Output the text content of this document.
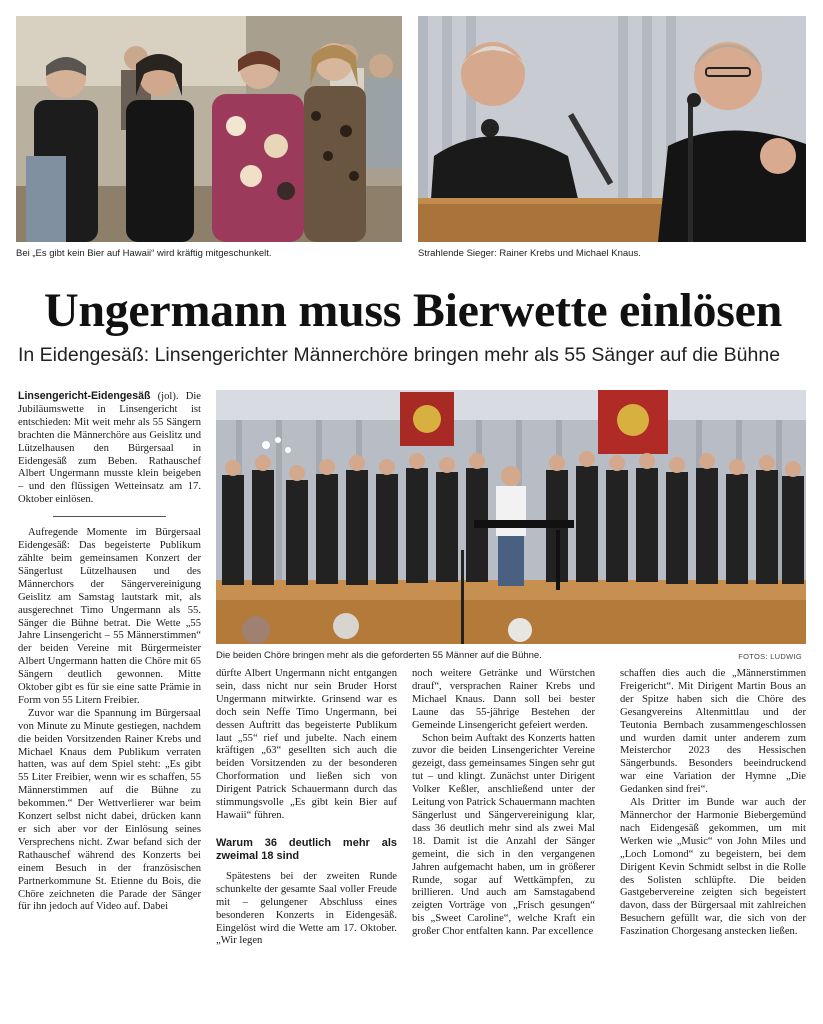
Bei „Es gibt kein Bier auf Hawaii“ wird kräftig mitgeschunkelt.	Strahlende Sieger: Rainer Krebs und Michael Knaus.
Ungermann muss Bierwette einlösen
In Eidengesäß: Linsengerichter Männerchöre bringen mehr als 55 Sänger auf die Bühne
Die beiden Chöre bringen mehr als die geforderten 55 Männer auf die Bühne.	FOTOS: LUDWIG

Linsengericht-Eidengesäß (jol). Die Jubiläumswette in Linsengericht ist entschieden: Mit weit mehr als 55 Sängern brachten die Männerchöre aus Geislitz und Lützelhausen den Bürgersaal in Eidengesäß zum Beben. Rathauschef Albert Ungermann musste klein beigeben – und den flüssigen Wetteinsatz am 17. Oktober einlösen.

Aufregende Momente im Bürgersaal Eidengesäß: Das begeisterte Publikum zählte beim gemeinsamen Konzert der Sängerlust Lützelhausen und des Männerchors der Sängervereinigung Geislitz am Samstag lautstark mit, als ausgerechnet Timo Ungermann als 55. Sänger die Bühne betrat. Die Wette „55 Jahre Linsengericht – 55 Männerstimmen“ der beiden Vereine mit Bürgermeister Albert Ungermann hatten die Chöre mit 65 Sängern deutlich gewonnen. Mitte Oktober gibt es für sie eine satte Prämie in Form von 55 Litern Freibier.

Zuvor war die Spannung im Bürgersaal von Minute zu Minute gestiegen, nachdem die beiden Vorsitzenden Rainer Krebs und Michael Knaus dem Publikum verraten hatten, was auf dem Spiel steht: „Es gibt 55 Liter Freibier, wenn wir es schaffen, 55 Männerstimmen auf die Bühne zu bekommen.“ Der Wettverlierer war beim Konzert selbst nicht dabei, drücken kann er sich aber vor der Einlösung seines Versprechens nicht. Zwar befand sich der Rathauschef während des Konzerts bei einem Besuch in der französischen Partnerkommune St. Etienne du Bois, die Chöre zeichneten die Parade der Sänger für ihn jedoch auf Video auf. Dabei

dürfte Albert Ungermann nicht entgangen sein, dass nicht nur sein Bruder Horst Ungermann mitwirkte. Grinsend war es doch sein Neffe Timo Ungermann, bei dessen Auftritt das begeisterte Publikum laut „55“ rief und jubelte. Nach einem kräftigen „63“ gesellten sich auch die beiden Vorsitzenden zu der besonderen Chorformation und ließen sich von Dirigent Patrick Schauermann durch das stimmungsvolle „Es gibt kein Bier auf Hawaii“ führen.

Warum 36 deutlich mehr als zweimal 18 sind

Spätestens bei der zweiten Runde schunkelte der gesamte Saal voller Freude mit – gelungener Abschluss eines besonderen Konzerts in Eidengesäß. Eingelöst wird die Wette am 17. Oktober. „Wir legen

noch weitere Getränke und Würstchen drauf“, versprachen Rainer Krebs und Michael Knaus. Dann soll bei bester Laune das 55-jährige Bestehen der Gemeinde Linsengericht gefeiert werden.

Schon beim Auftakt des Konzerts hatten zuvor die beiden Linsengerichter Vereine gezeigt, dass gemeinsames Singen sehr gut tut – und klingt. Zunächst unter Dirigent Volker Keßler, anschließend unter der Leitung von Patrick Schauermann machten Sängerlust und Sängervereinigung klar, dass 36 deutlich mehr sind als zwei Mal 18. Damit ist die Anzahl der Sänger gemeint, die sich in den vergangenen Jahren aufgemacht haben, um in größerer Runde, sogar auf Wettkämpfen, zu brillieren. Und auch am Samstagabend zeigten Vorträge von „Frisch gesungen“ bis „Sweet Caroline“, welche Kraft ein großer Chor entfalten kann. Par excellence

schaffen dies auch die „Männerstimmen Freigericht“. Mit Dirigent Martin Bous an der Spitze haben sich die Chöre des Gesangvereins Altenmittlau und der Teutonia Bernbach zusammengeschlossen und wurden damit unter anderem zum Meisterchor 2023 des Hessischen Sängerbunds. Besonders beeindruckend war eine Variation der Hymne „Die Gedanken sind frei“.

Als Dritter im Bunde war auch der Männerchor der Harmonie Biebergemünd nach Eidengesäß gekommen, um mit Werken wie „Music“ von John Miles und „Loch Lomond“ zu begeistern, bei dem Dirigent Kevin Schmidt selbst in die Rolle des Solisten schlüpfte. Die beiden Gastgebervereine zeigten sich begeistert davon, dass der Bürgersaal mit zahlreichen Besuchern gefüllt war, die sich von der Faszination Chorgesang anstecken ließen.
